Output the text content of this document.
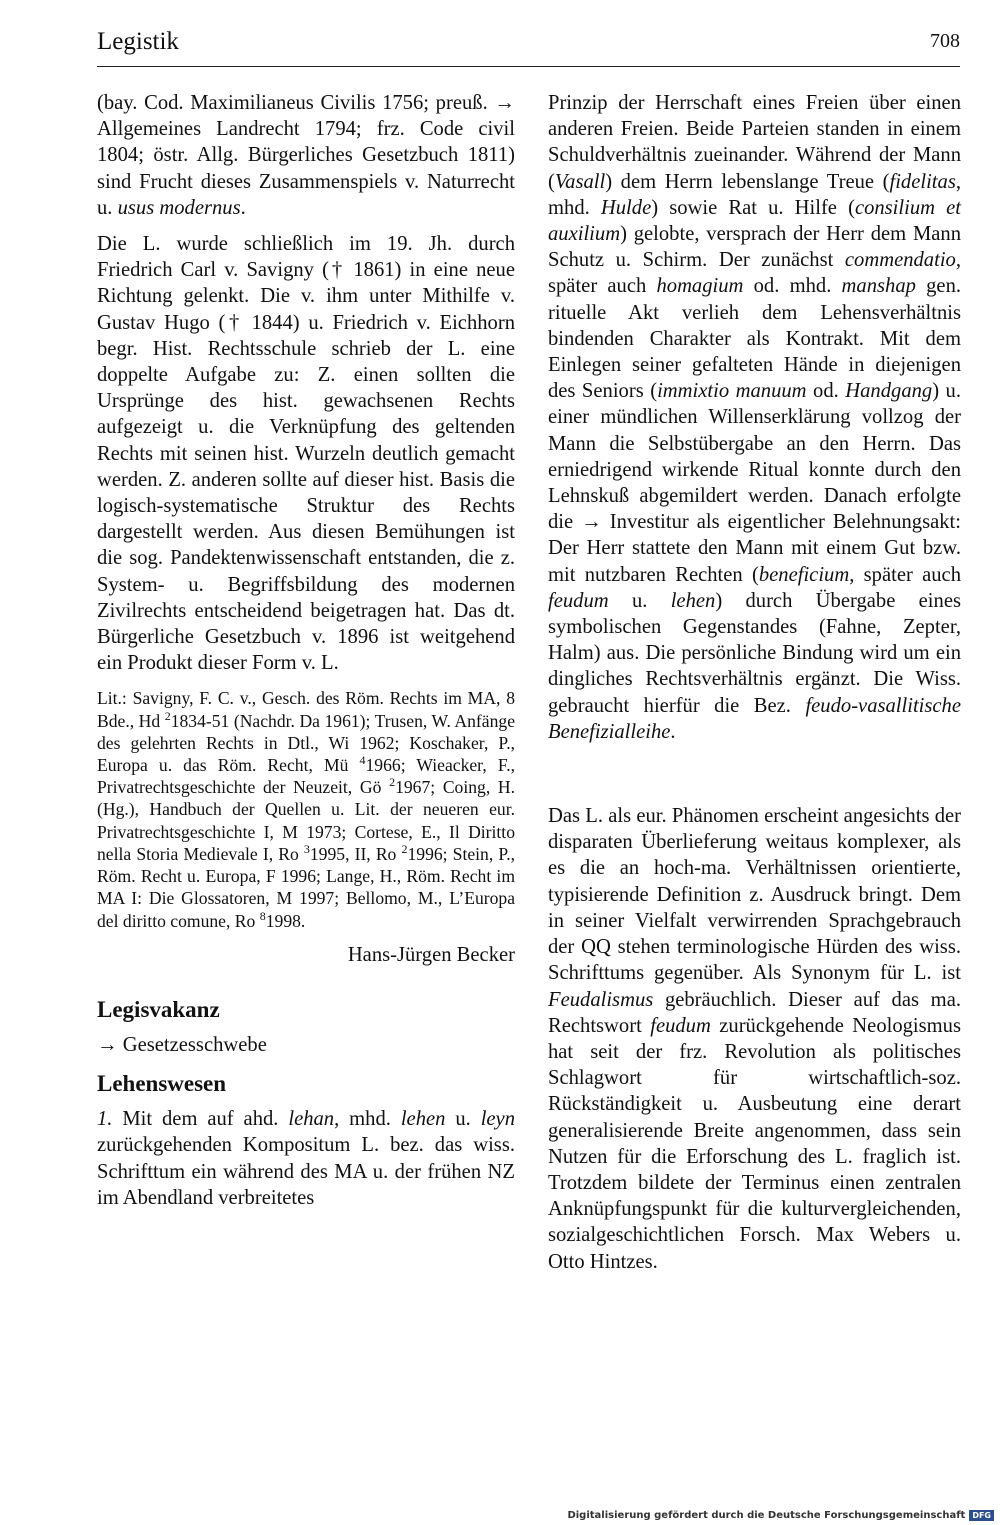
Legistik	708

(bay. Cod. Maximilianeus Civilis 1756; preuß. → Allgemeines Landrecht 1794; frz. Code civil 1804; östr. Allg. Bürgerliches Gesetzbuch 1811) sind Frucht dieses Zusammenspiels v. Naturrecht u. usus modernus.

Die L. wurde schließlich im 19. Jh. durch Friedrich Carl v. Savigny († 1861) in eine neue Richtung gelenkt. Die v. ihm unter Mithilfe v. Gustav Hugo († 1844) u. Friedrich v. Eichhorn begr. Hist. Rechtsschule schrieb der L. eine doppelte Aufgabe zu: Z. einen sollten die Ursprünge des hist. gewachsenen Rechts aufgezeigt u. die Verknüpfung des geltenden Rechts mit seinen hist. Wurzeln deutlich gemacht werden. Z. anderen sollte auf dieser hist. Basis die logisch-systematische Struktur des Rechts dargestellt werden. Aus diesen Bemühungen ist die sog. Pandektenwissenschaft entstanden, die z. System- u. Begriffsbildung des modernen Zivilrechts entscheidend beigetragen hat. Das dt. Bürgerliche Gesetzbuch v. 1896 ist weitgehend ein Produkt dieser Form v. L.

Lit.: Savigny, F. C. v., Gesch. des Röm. Rechts im MA, 8 Bde., Hd $^2$1834-51 (Nachdr. Da 1961); Trusen, W. Anfänge des gelehrten Rechts in Dtl., Wi 1962; Koschaker, P., Europa u. das Röm. Recht, Mü $^4$1966; Wieacker, F., Privatrechtsgeschichte der Neuzeit, Gö $^2$1967; Coing, H. (Hg.), Handbuch der Quellen u. Lit. der neueren eur. Privatrechtsgeschichte I, M 1973; Cortese, E., Il Diritto nella Storia Medievale I, Ro $^3$1995, II, Ro $^2$1996; Stein, P., Röm. Recht u. Europa, F 1996; Lange, H., Röm. Recht im MA I: Die Glossatoren, M 1997; Bellomo, M., L’Europa del diritto comune, Ro $^8$1998.

Hans-Jürgen Becker

Legisvakanz

→ Gesetzesschwebe

Lehenswesen

1. Mit dem auf ahd. lehan, mhd. lehen u. leyn zurückgehenden Kompositum L. bez. das wiss. Schrifttum ein während des MA u. der frühen NZ im Abendland verbreitetes

Prinzip der Herrschaft eines Freien über einen anderen Freien. Beide Parteien standen in einem Schuldverhältnis zueinander. Während der Mann (Vasall) dem Herrn lebenslange Treue (fidelitas, mhd. Hulde) sowie Rat u. Hilfe (consilium et auxilium) gelobte, versprach der Herr dem Mann Schutz u. Schirm. Der zunächst commendatio, später auch homagium od. mhd. manshap gen. rituelle Akt verlieh dem Lehensverhältnis bindenden Charakter als Kontrakt. Mit dem Einlegen seiner gefalteten Hände in diejenigen des Seniors (immixtio manuum od. Handgang) u. einer mündlichen Willenserklärung vollzog der Mann die Selbstübergabe an den Herrn. Das erniedrigend wirkende Ritual konnte durch den Lehnskuß abgemildert werden. Danach erfolgte die → Investitur als eigentlicher Belehnungsakt: Der Herr stattete den Mann mit einem Gut bzw. mit nutzbaren Rechten (beneficium, später auch feudum u. lehen) durch Übergabe eines symbolischen Gegenstandes (Fahne, Zepter, Halm) aus. Die persönliche Bindung wird um ein dingliches Rechtsverhältnis ergänzt. Die Wiss. gebraucht hierfür die Bez. feudo-vasallitische Benefizialleihe.

Das L. als eur. Phänomen erscheint angesichts der disparaten Überlieferung weitaus komplexer, als es die an hoch-ma. Verhältnissen orientierte, typisierende Definition z. Ausdruck bringt. Dem in seiner Vielfalt verwirrenden Sprachgebrauch der QQ stehen terminologische Hürden des wiss. Schrifttums gegenüber. Als Synonym für L. ist Feudalismus gebräuchlich. Dieser auf das ma. Rechtswort feudum zurückgehende Neologismus hat seit der frz. Revolution als politisches Schlagwort für wirtschaftlich-soz. Rückständigkeit u. Ausbeutung eine derart generalisierende Breite angenommen, dass sein Nutzen für die Erforschung des L. fraglich ist. Trotzdem bildete der Terminus einen zentralen Anknüpfungspunkt für die kulturvergleichenden, sozialgeschichtlichen Forsch. Max Webers u. Otto Hintzes.

Digitalisierung gefördert durch die Deutsche Forschungsgemeinschaft DFG
